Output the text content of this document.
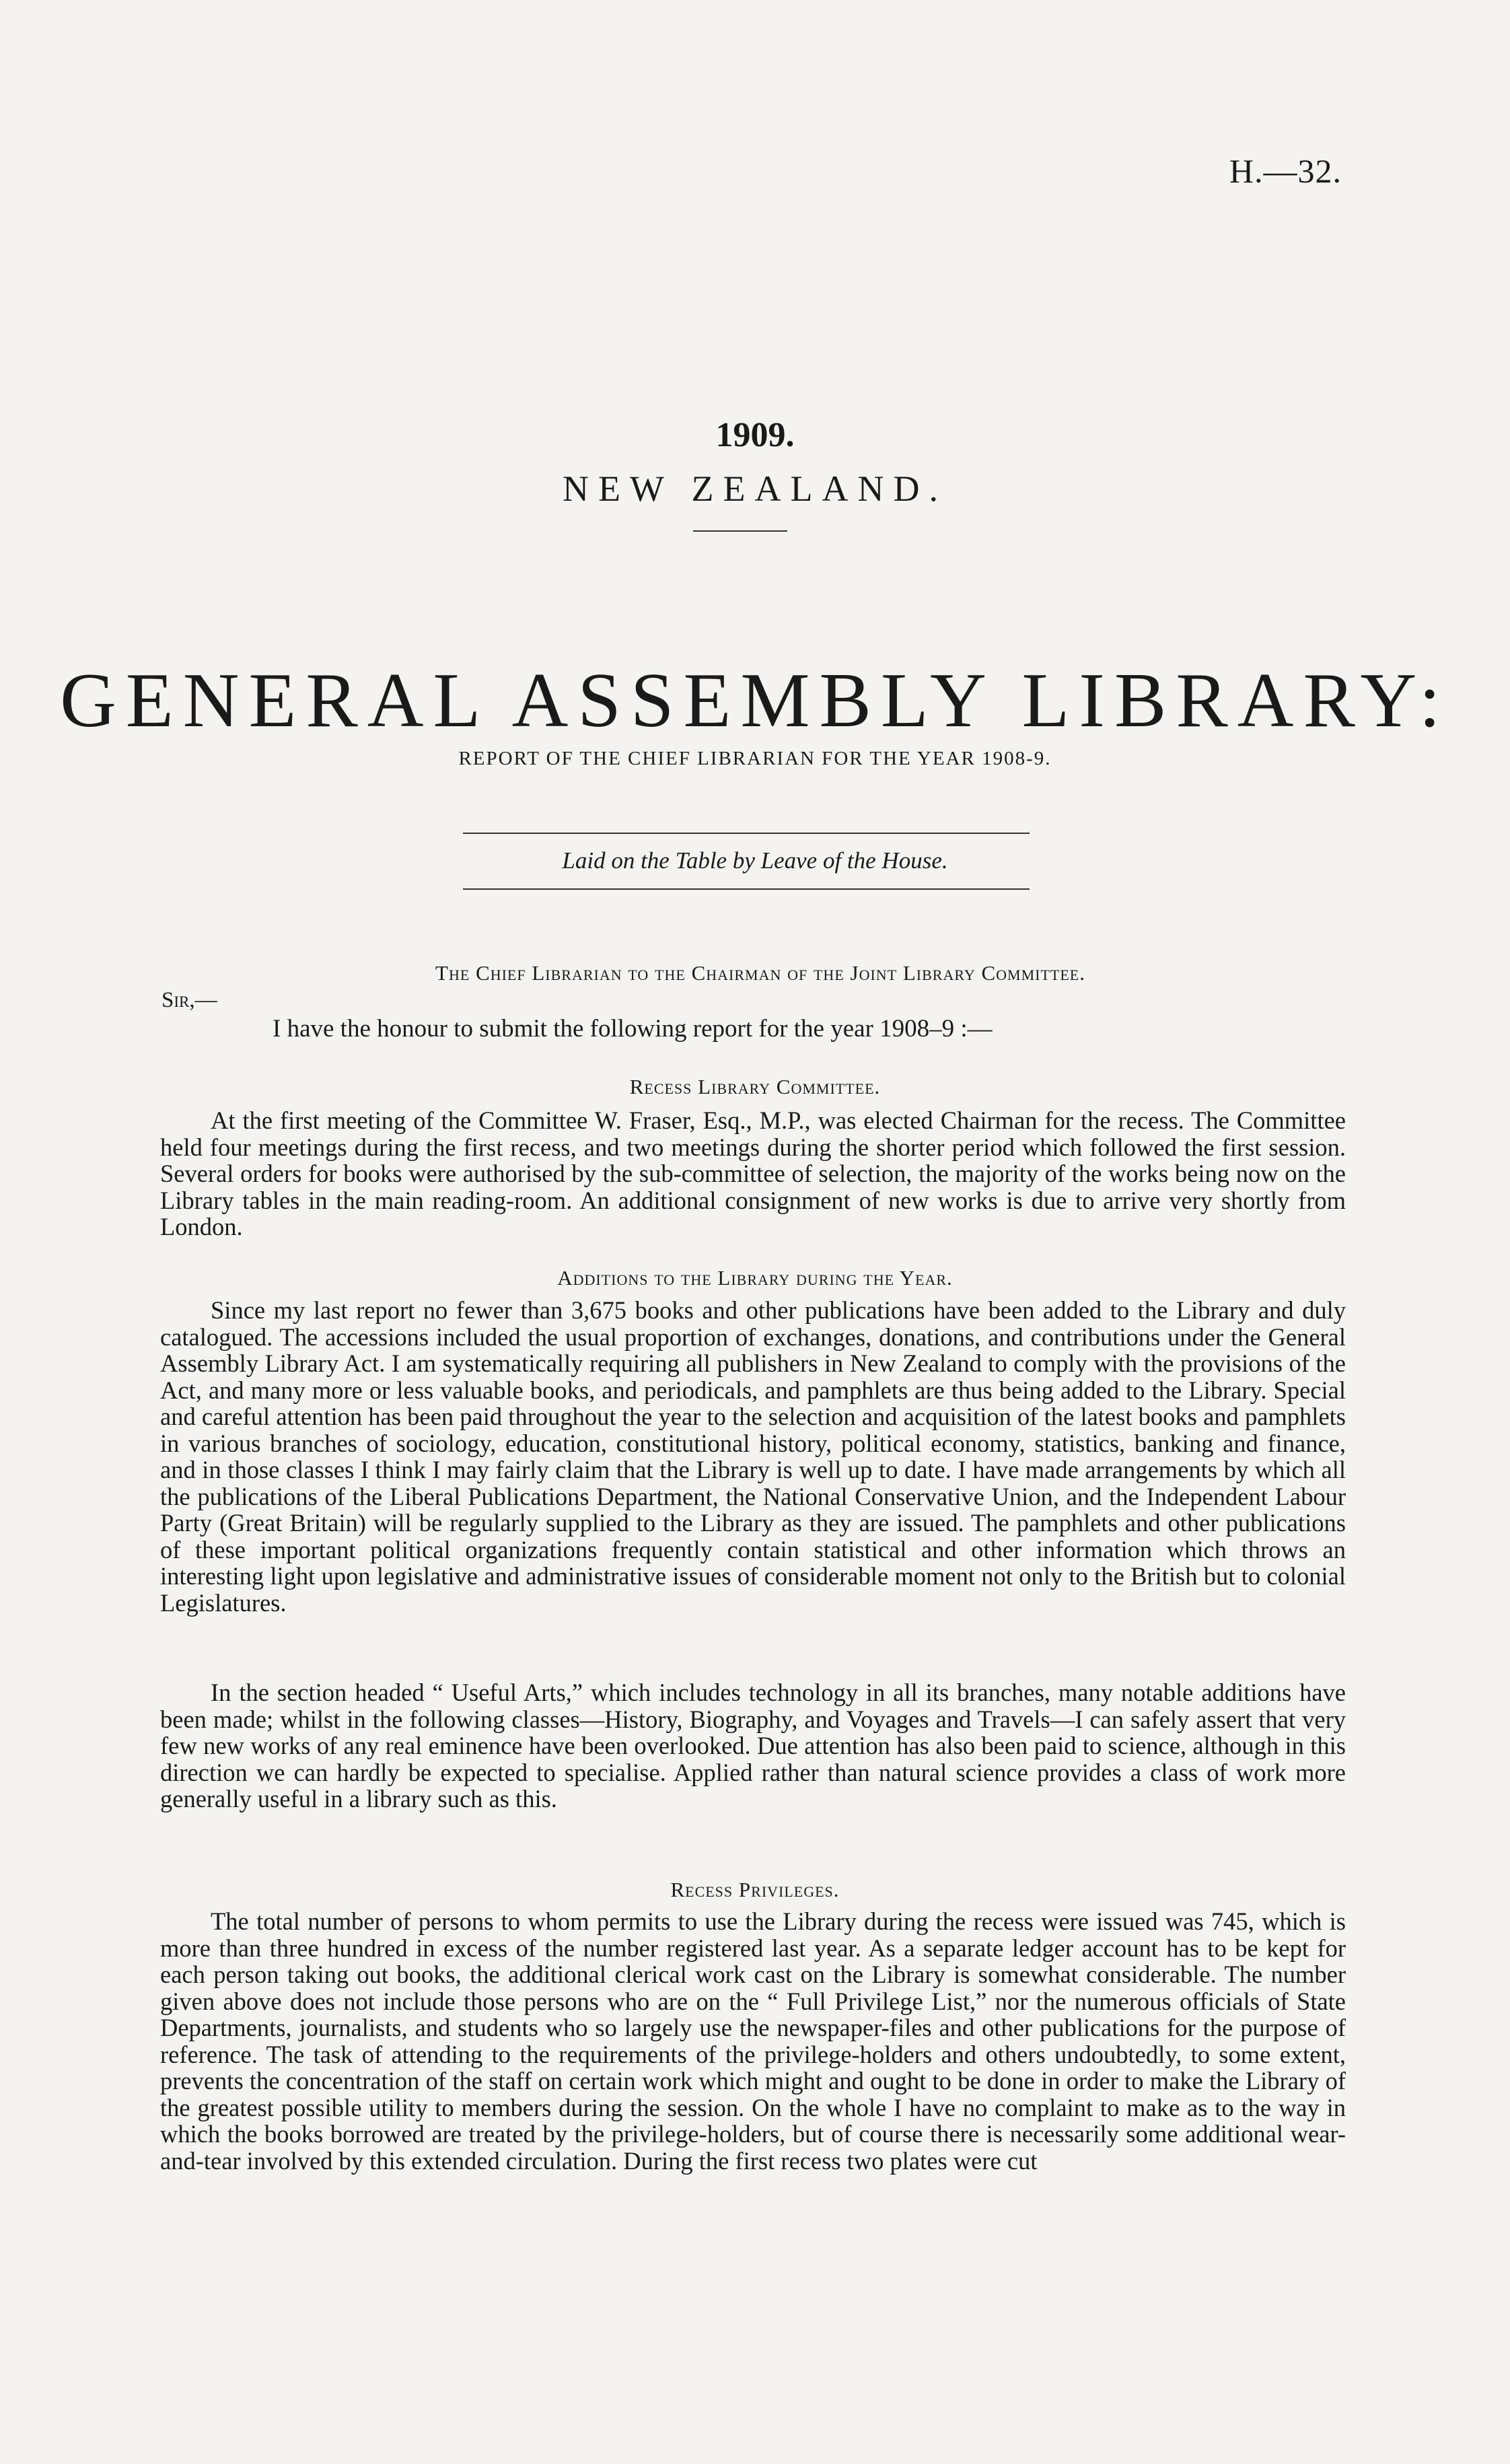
H.—32.
1909.
NEW ZEALAND.
GENERAL ASSEMBLY LIBRARY:
REPORT OF THE CHIEF LIBRARIAN FOR THE YEAR 1908-9.
Laid on the Table by Leave of the House.
The Chief Librarian to the Chairman of the Joint Library Committee.
Sir,—
I have the honour to submit the following report for the year 1908–9 :—
Recess Library Committee.

At the first meeting of the Committee W. Fraser, Esq., M.P., was elected Chairman for the recess. The Committee held four meetings during the first recess, and two meetings during the shorter period which followed the first session. Several orders for books were authorised by the sub-committee of selection, the majority of the works being now on the Library tables in the main reading-room. An additional consignment of new works is due to arrive very shortly from London.

Additions to the Library during the Year.

Since my last report no fewer than 3,675 books and other publications have been added to the Library and duly catalogued. The accessions included the usual proportion of exchanges, donations, and contributions under the General Assembly Library Act. I am systematically requiring all publishers in New Zealand to comply with the provisions of the Act, and many more or less valuable books, and periodicals, and pamphlets are thus being added to the Library. Special and careful attention has been paid throughout the year to the selection and acquisition of the latest books and pamphlets in various branches of sociology, education, constitutional history, political economy, statistics, banking and finance, and in those classes I think I may fairly claim that the Library is well up to date. I have made arrangements by which all the publications of the Liberal Publications Department, the National Conservative Union, and the Independent Labour Party (Great Britain) will be regularly supplied to the Library as they are issued. The pamphlets and other publications of these important political organizations frequently contain statistical and other information which throws an interesting light upon legislative and administrative issues of considerable moment not only to the British but to colonial Legislatures.

In the section headed “ Useful Arts,” which includes technology in all its branches, many notable additions have been made; whilst in the following classes—History, Biography, and Voyages and Travels—I can safely assert that very few new works of any real eminence have been overlooked. Due attention has also been paid to science, although in this direction we can hardly be expected to specialise. Applied rather than natural science provides a class of work more generally useful in a library such as this.

Recess Privileges.

The total number of persons to whom permits to use the Library during the recess were issued was 745, which is more than three hundred in excess of the number registered last year. As a separate ledger account has to be kept for each person taking out books, the additional clerical work cast on the Library is somewhat considerable. The number given above does not include those persons who are on the “ Full Privilege List,” nor the numerous officials of State Departments, journalists, and students who so largely use the newspaper-files and other publications for the purpose of reference. The task of attending to the requirements of the privilege-holders and others undoubtedly, to some extent, prevents the concentration of the staff on certain work which might and ought to be done in order to make the Library of the greatest possible utility to members during the session. On the whole I have no complaint to make as to the way in which the books borrowed are treated by the privilege-holders, but of course there is necessarily some additional wear-and-tear involved by this extended circulation. During the first recess two plates were cut
